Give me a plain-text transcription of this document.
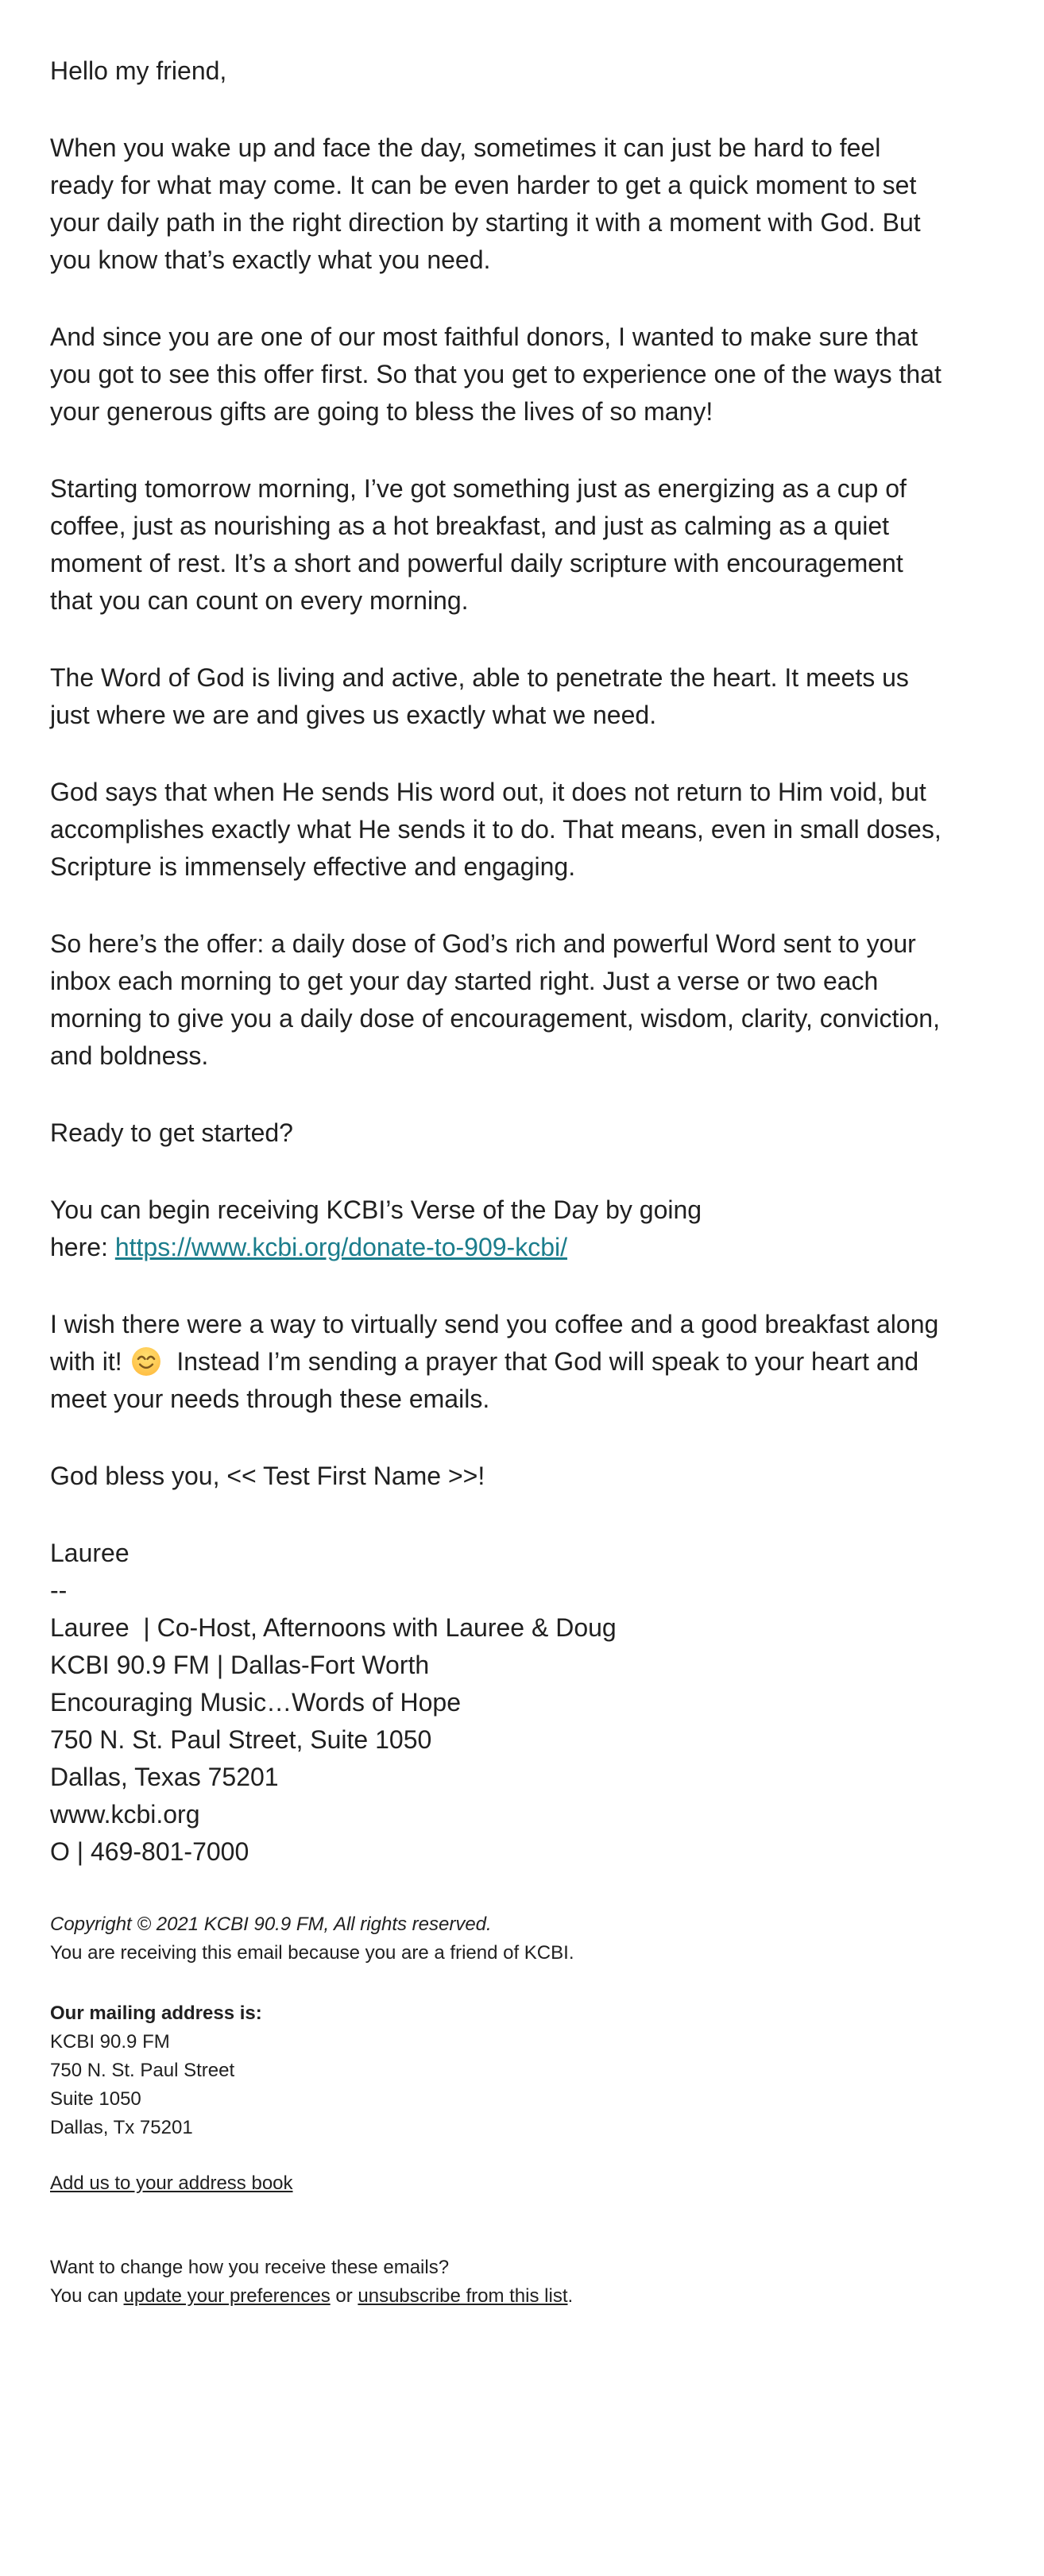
Hello my friend,

When you wake up and face the day, sometimes it can just be hard to feel
ready for what may come. It can be even harder to get a quick moment to set
your daily path in the right direction by starting it with a moment with God. But
you know that’s exactly what you need.

And since you are one of our most faithful donors, I wanted to make sure that
you got to see this offer first. So that you get to experience one of the ways that
your generous gifts are going to bless the lives of so many!

Starting tomorrow morning, I’ve got something just as energizing as a cup of
coffee, just as nourishing as a hot breakfast, and just as calming as a quiet
moment of rest. It’s a short and powerful daily scripture with encouragement
that you can count on every morning.

The Word of God is living and active, able to penetrate the heart. It meets us
just where we are and gives us exactly what we need.

God says that when He sends His word out, it does not return to Him void, but
accomplishes exactly what He sends it to do. That means, even in small doses,
Scripture is immensely effective and engaging.

So here’s the offer: a daily dose of God’s rich and powerful Word sent to your
inbox each morning to get your day started right. Just a verse or two each
morning to give you a daily dose of encouragement, wisdom, clarity, conviction,
and boldness.

Ready to get started?

You can begin receiving KCBI’s Verse of the Day by going
here: https://www.kcbi.org/donate-to-909-kcbi/

I wish there were a way to virtually send you coffee and a good breakfast along
with it!   Instead I’m sending a prayer that God will speak to your heart and
meet your needs through these emails.

God bless you, << Test First Name >>!

Lauree
--
Lauree  | Co-Host, Afternoons with Lauree & Doug
KCBI 90.9 FM | Dallas-Fort Worth
Encouraging Music…Words of Hope
750 N. St. Paul Street, Suite 1050
Dallas, Texas 75201
www.kcbi.org
O | 469-801-7000

Copyright © 2021 KCBI 90.9 FM, All rights reserved.
You are receiving this email because you are a friend of KCBI.

Our mailing address is:
KCBI 90.9 FM
750 N. St. Paul Street
Suite 1050
Dallas, Tx 75201

Add us to your address book

Want to change how you receive these emails?
You can update your preferences or unsubscribe from this list.
